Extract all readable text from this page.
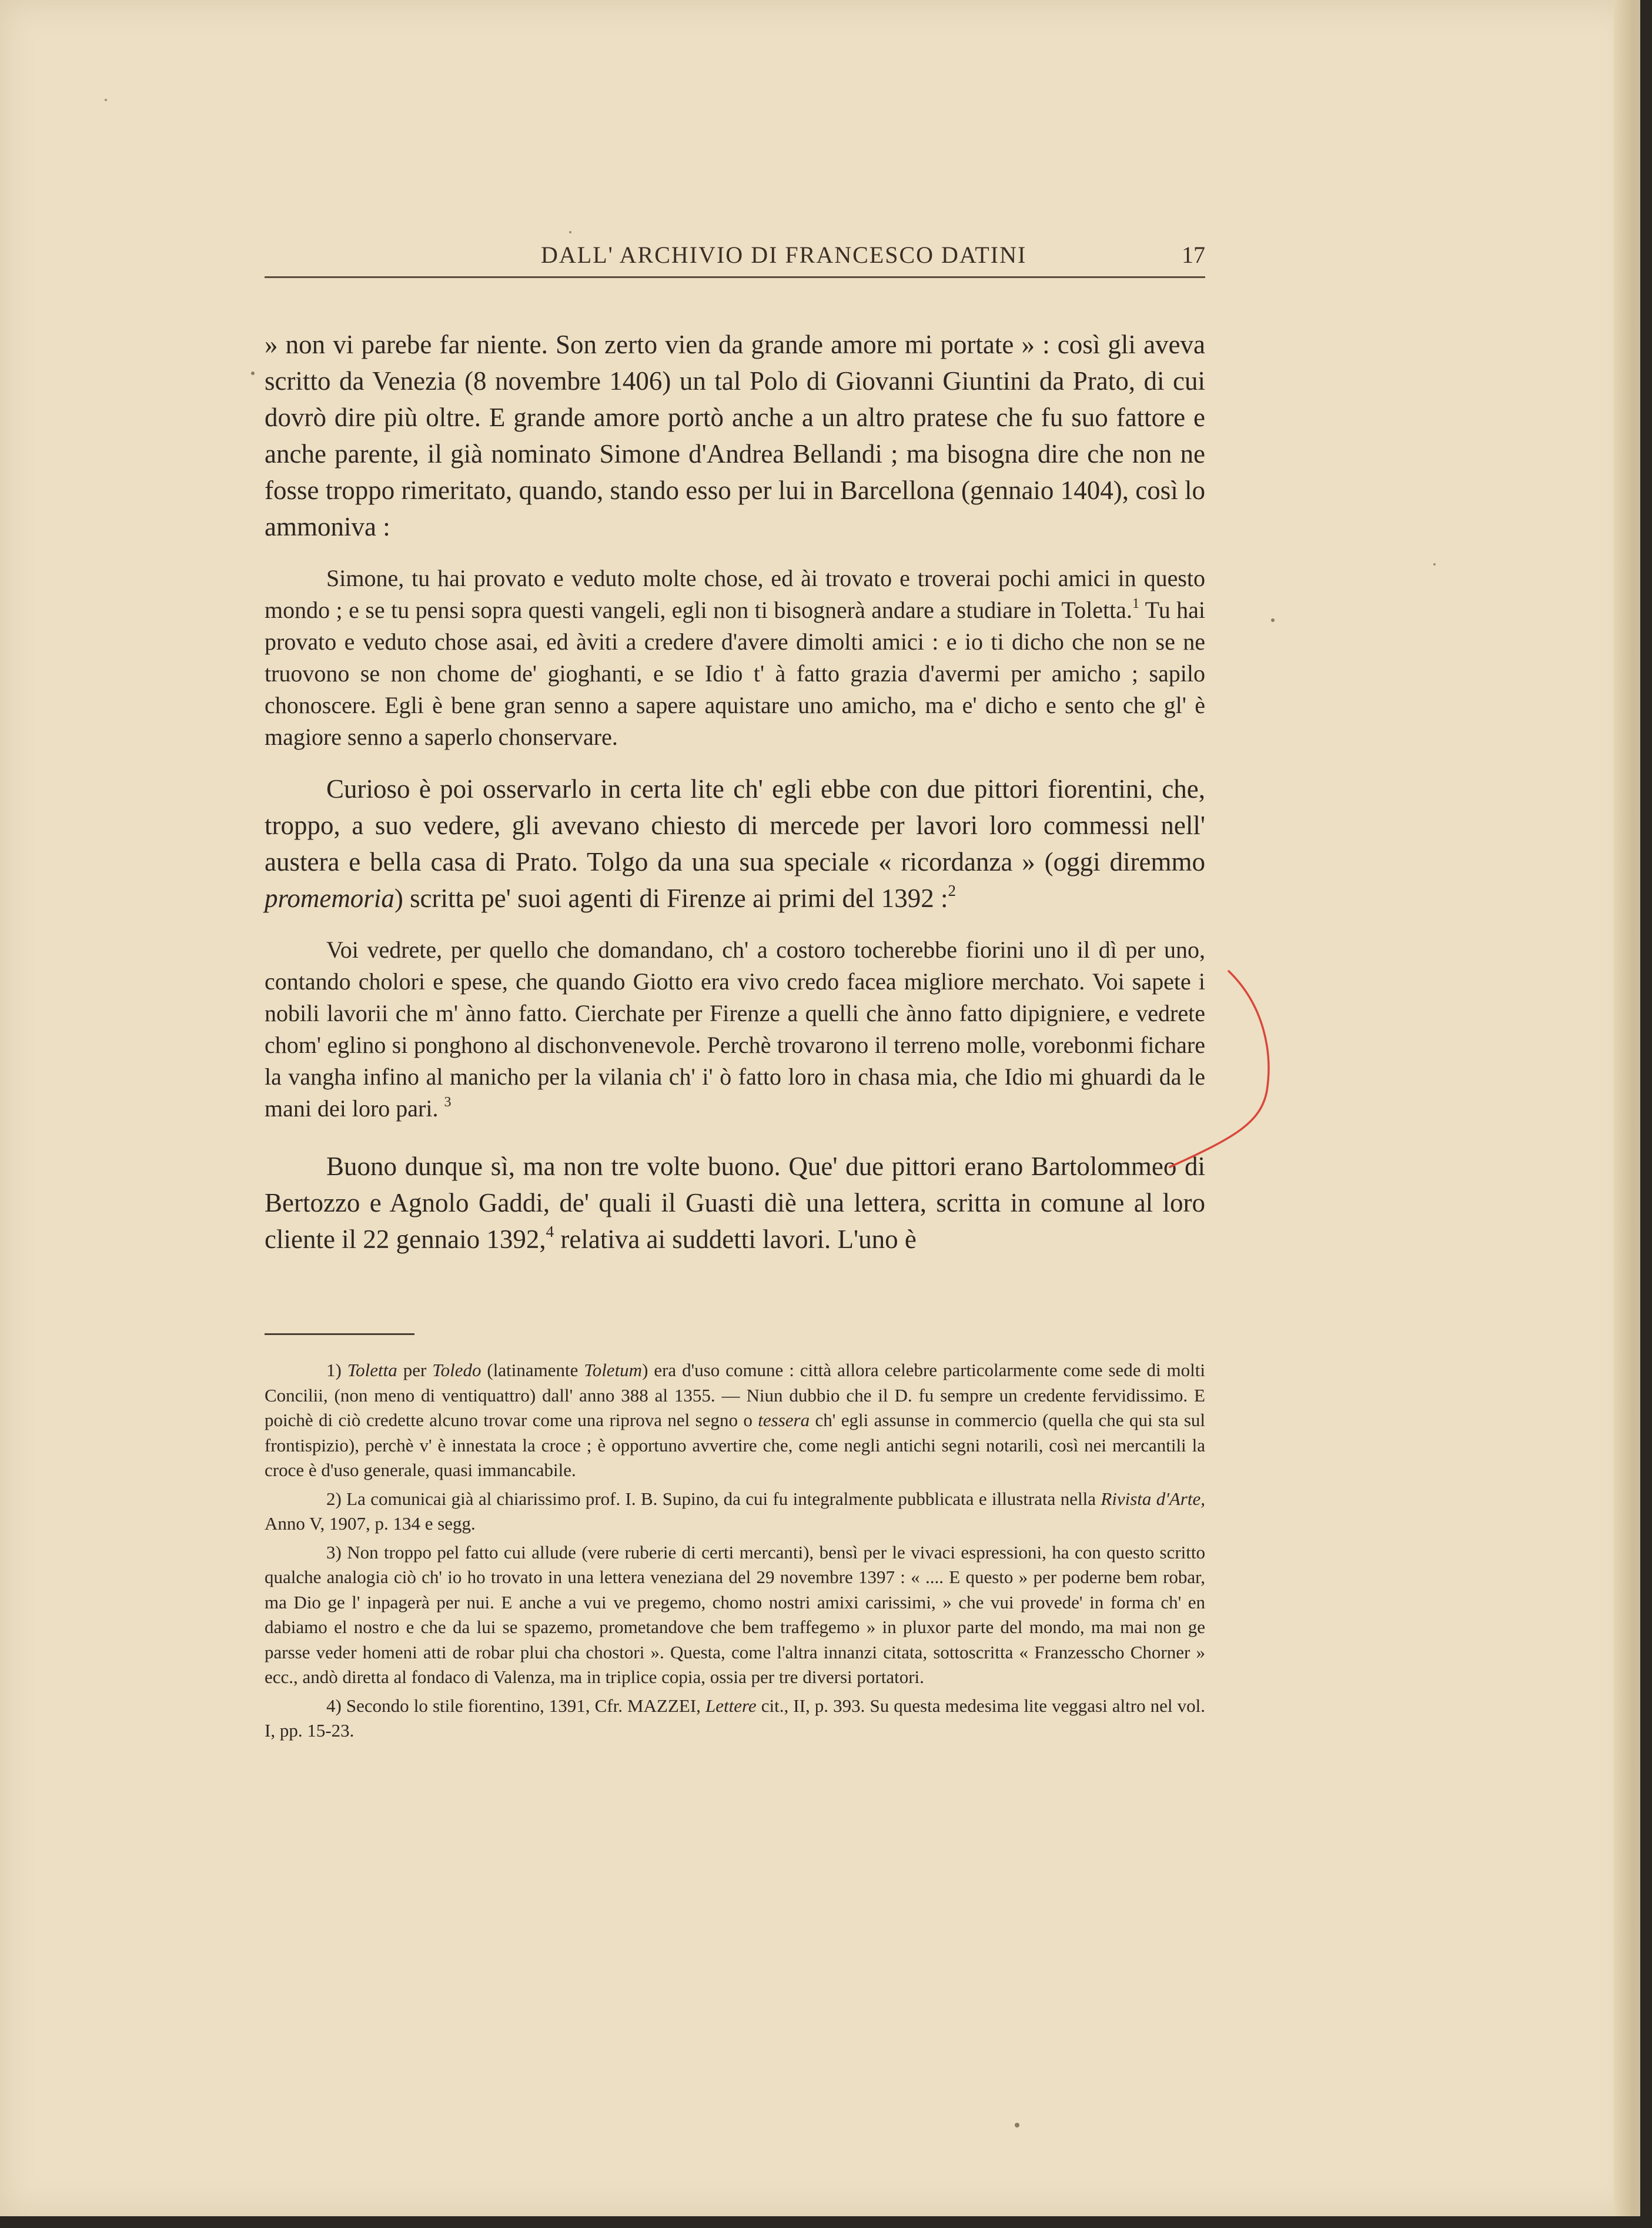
DALL' ARCHIVIO DI FRANCESCO DATINI	17

» non vi parebe far niente. Son zerto vien da grande amore mi portate » : così gli aveva scritto da Venezia (8 novembre 1406) un tal Polo di Giovanni Giuntini da Prato, di cui dovrò dire più oltre. E grande amore portò anche a un altro pratese che fu suo fattore e anche parente, il già nominato Simone d'Andrea Bellandi ; ma bisogna dire che non ne fosse troppo rimeritato, quando, stando esso per lui in Barcellona (gennaio 1404), così lo ammoniva :

Simone, tu hai provato e veduto molte chose, ed ài trovato e troverai pochi amici in questo mondo ; e se tu pensi sopra questi vangeli, egli non ti bisognerà andare a studiare in Toletta.$^1$ Tu hai provato e veduto chose asai, ed àviti a credere d'avere dimolti amici : e io ti dicho che non se ne truovono se non chome de' gioghanti, e se Idio t' à fatto grazia d'avermi per amicho ; sapilo chonoscere. Egli è bene gran senno a sapere aquistare uno amicho, ma e' dicho e sento che gl' è magiore senno a saperlo chonservare.

Curioso è poi osservarlo in certa lite ch' egli ebbe con due pittori fiorentini, che, troppo, a suo vedere, gli avevano chiesto di mercede per lavori loro commessi nell' austera e bella casa di Prato. Tolgo da una sua speciale « ricordanza » (oggi diremmo promemoria) scritta pe' suoi agenti di Firenze ai primi del 1392 :$^2$

Voi vedrete, per quello che domandano, ch' a costoro tocherebbe fiorini uno il dì per uno, contando cholori e spese, che quando Giotto era vivo credo facea migliore merchato. Voi sapete i nobili lavorii che m' ànno fatto. Cierchate per Firenze a quelli che ànno fatto dipigniere, e vedrete chom' eglino si ponghono al dischonvenevole. Perchè trovarono il terreno molle, vorebonmi fichare la vangha infino al manicho per la vilania ch' i' ò fatto loro in chasa mia, che Idio mi ghuardi da le mani dei loro pari. $^3$

Buono dunque sì, ma non tre volte buono. Que' due pittori erano Bartolommeo di Bertozzo e Agnolo Gaddi, de' quali il Guasti diè una lettera, scritta in comune al loro cliente il 22 gennaio 1392,$^4$ relativa ai suddetti lavori. L'uno è

1) Toletta per Toledo (latinamente Toletum) era d'uso comune : città allora celebre particolarmente come sede di molti Concilii, (non meno di ventiquattro) dall' anno 388 al 1355. — Niun dubbio che il D. fu sempre un credente fervidissimo. E poichè di ciò credette alcuno trovar come una riprova nel segno o tessera ch' egli assunse in commercio (quella che qui sta sul frontispizio), perchè v' è innestata la croce ; è opportuno avvertire che, come negli antichi segni notarili, così nei mercantili la croce è d'uso generale, quasi immancabile.

2) La comunicai già al chiarissimo prof. I. B. Supino, da cui fu integralmente pubblicata e illustrata nella Rivista d'Arte, Anno V, 1907, p. 134 e segg.

3) Non troppo pel fatto cui allude (vere ruberie di certi mercanti), bensì per le vivaci espressioni, ha con questo scritto qualche analogia ciò ch' io ho trovato in una lettera veneziana del 29 novembre 1397 : « .... E questo » per poderne bem robar, ma Dio ge l' inpagerà per nui. E anche a vui ve pregemo, chomo nostri amixi carissimi, » che vui provede' in forma ch' en dabiamo el nostro e che da lui se spazemo, prometandove che bem traffegemo » in pluxor parte del mondo, ma mai non ge parsse veder homeni atti de robar plui cha chostori ». Questa, come l'altra innanzi citata, sottoscritta « Franzesscho Chorner » ecc., andò diretta al fondaco di Valenza, ma in triplice copia, ossia per tre diversi portatori.

4) Secondo lo stile fiorentino, 1391, Cfr. MAZZEI, Lettere cit., II, p. 393. Su questa medesima lite veggasi altro nel vol. I, pp. 15-23.
